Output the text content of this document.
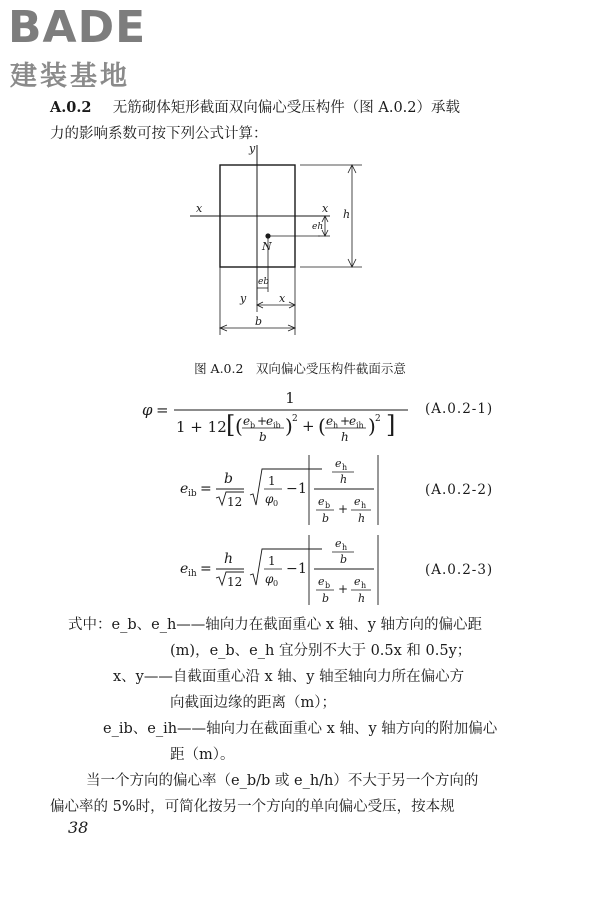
BADE
建装基地
A.0.2 无筋砌体矩形截面双向偏心受压构件（图 A.0.2）承载
力的影响系数可按下列公式计算：
y
x	x h
eh
N
eb
y	x
b
图 A.0.2　双向偏心受压构件截面示意
φ =
1
1 + 12 [ ( e b +
e ib
b ) 2 + ( e h +
e ih
h ) 2 ]
(A.0.2-1)
e ib =
b
12
1
φ 0
− 1
e h
h
e b
b
+
e h
h
(A.0.2-2)
e ih =
h
12
1
φ 0
− 1
e h
b
e b
b
+
e h
h
(A.0.2-3)
式中：e_b、e_h——轴向力在截面重心 x 轴、y 轴方向的偏心距
(m)，e_b、e_h 宜分别不大于 0.5x 和 0.5y；
x、y——自截面重心沿 x 轴、y 轴至轴向力所在偏心方
向截面边缘的距离（m）；
e_ib、e_ih——轴向力在截面重心 x 轴、y 轴方向的附加偏心
距（m）。
当一个方向的偏心率（e_b/b 或 e_h/h）不大于另一个方向的

偏心率的 5%时，可简化按另一个方向的单向偏心受压，按本规
38
